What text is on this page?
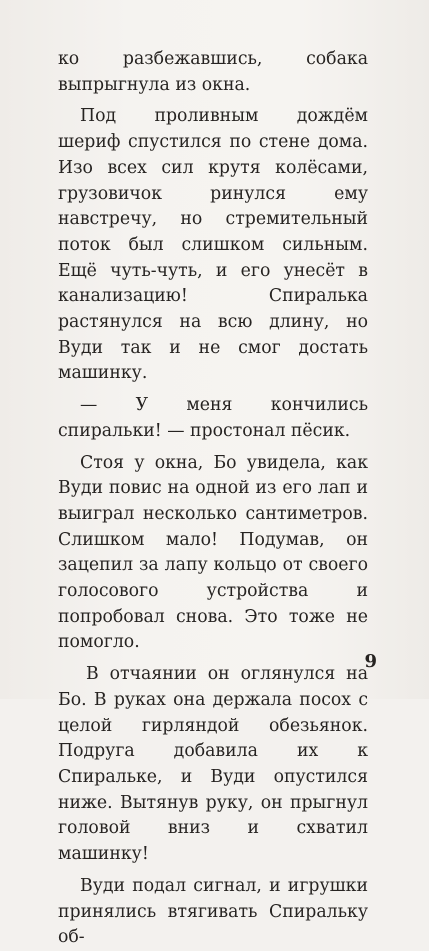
ко разбежавшись, собака выпрыгнула из окна.

Под проливным дождём шериф спустился по стене дома. Изо всех сил крутя колёсами, грузовичок ринулся ему навстречу, но стремительный поток был слишком сильным. Ещё чуть-чуть, и его унесёт в канализацию! Спиралька растянулся на всю длину, но Вуди так и не смог достать машинку.

— У меня кончились спиральки! — простонал пёсик.

Стоя у окна, Бо увидела, как Вуди повис на одной из его лап и выиграл несколько сантиметров. Слишком мало! Подумав, он зацепил за лапу кольцо от своего голосового устройства и попробовал снова. Это тоже не помогло.

В отчаянии он оглянулся на Бо. В руках она держала посох с целой гирляндой обезьянок. Подруга добавила их к Спиральке, и Вуди опустился ниже. Вытянув руку, он прыгнул головой вниз и схватил машинку!

Вуди подал сигнал, и игрушки принялись втягивать Спиральку об-

9
